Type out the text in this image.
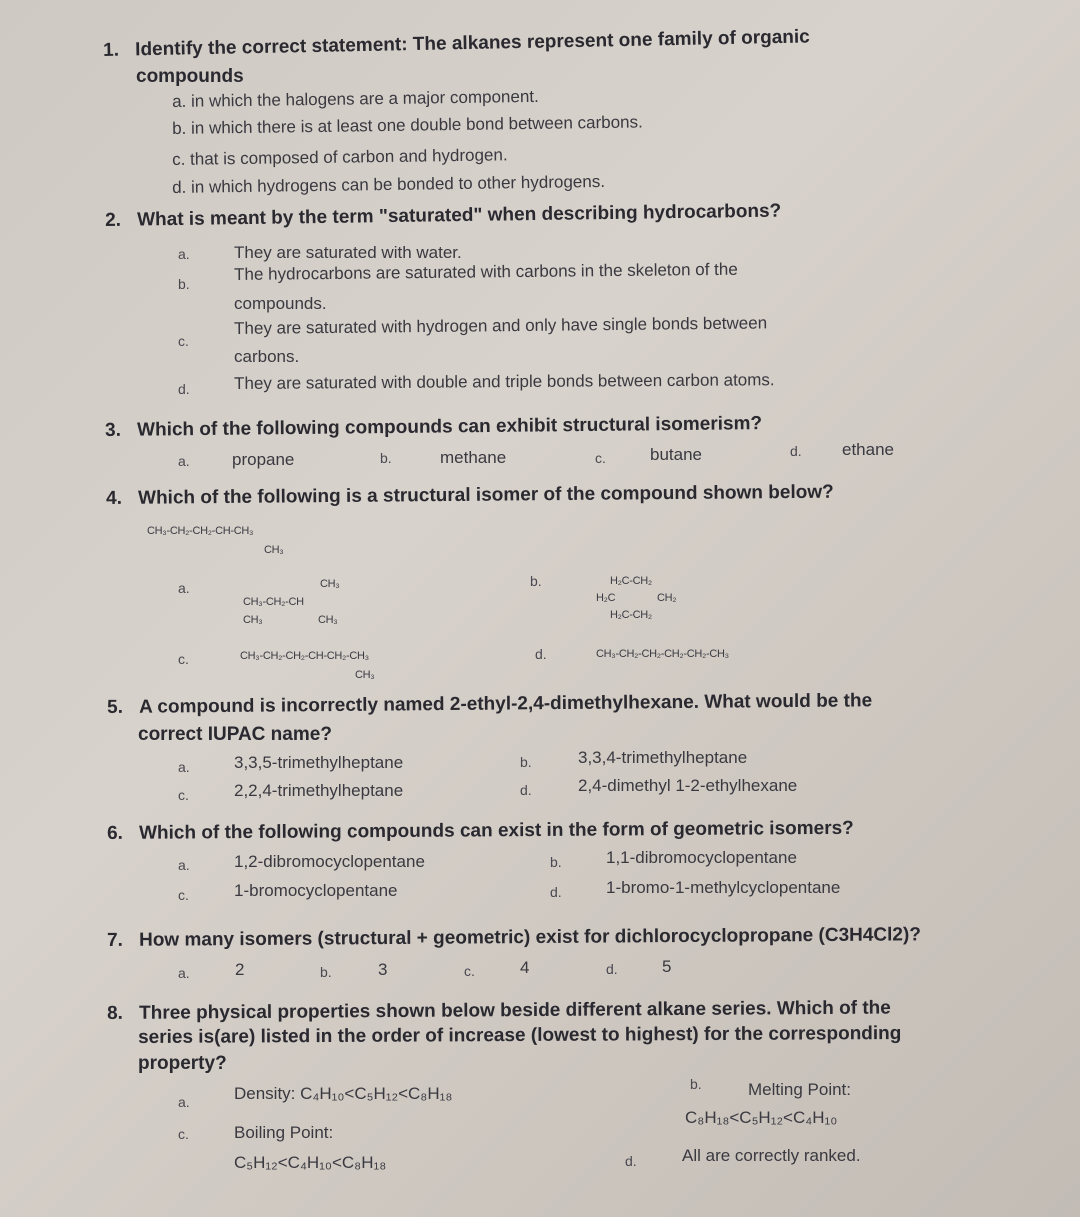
1. Identify the correct statement: The alkanes represent one family of organic
compounds
a. in which the halogens are a major component.
b. in which there is at least one double bond between carbons.
c. that is composed of carbon and hydrogen.
d. in which hydrogens can be bonded to other hydrogens.
2. What is meant by the term "saturated" when describing hydrocarbons?
a.	They are saturated with water.
b.
The hydrocarbons are saturated with carbons in the skeleton of the
compounds.
c.
They are saturated with hydrogen and only have single bonds between
carbons.
d.	They are saturated with double and triple bonds between carbon atoms.
3. Which of the following compounds can exhibit structural isomerism?
a. propane	b.	methane	c.	butane	d. ethane
4. Which of the following is a structural isomer of the compound shown below?
CH₃-CH₂-CH₂-CH-CH₃
CH₃
a.	CH₃
CH₃-CH₂-CH
CH₃	CH₃
b.	H₂C-CH₂
H₂C	CH₂
H₂C-CH₂
c.	CH₃-CH₂-CH₂-CH-CH₂-CH₃
CH₃
d.	CH₃-CH₂-CH₂-CH₂-CH₂-CH₃
5. A compound is incorrectly named 2-ethyl-2,4-dimethylhexane. What would be the
correct IUPAC name?
a.	3,3,5-trimethylheptane	b.	3,3,4-trimethylheptane
c.	2,2,4-trimethylheptane	d.	2,4-dimethyl 1-2-ethylhexane
6. Which of the following compounds can exist in the form of geometric isomers?
a.	1,2-dibromocyclopentane	b.	1,1-dibromocyclopentane
c.	1-bromocyclopentane	d.	1-bromo-1-methylcyclopentane
7. How many isomers (structural + geometric) exist for dichlorocyclopropane (C3H4Cl2)?
a.	2	b.	3	c.	4	d.	5
8. Three physical properties shown below beside different alkane series. Which of the
series is(are) listed in the order of increase (lowest to highest) for the corresponding
property?
a.	Density: C₄H₁₀<C₅H₁₂<C₈H₁₈	b.	Melting Point:
C₈H₁₈<C₅H₁₂<C₄H₁₀
c.	Boiling Point:
C₅H₁₂<C₄H₁₀<C₈H₁₈	d.	All are correctly ranked.
